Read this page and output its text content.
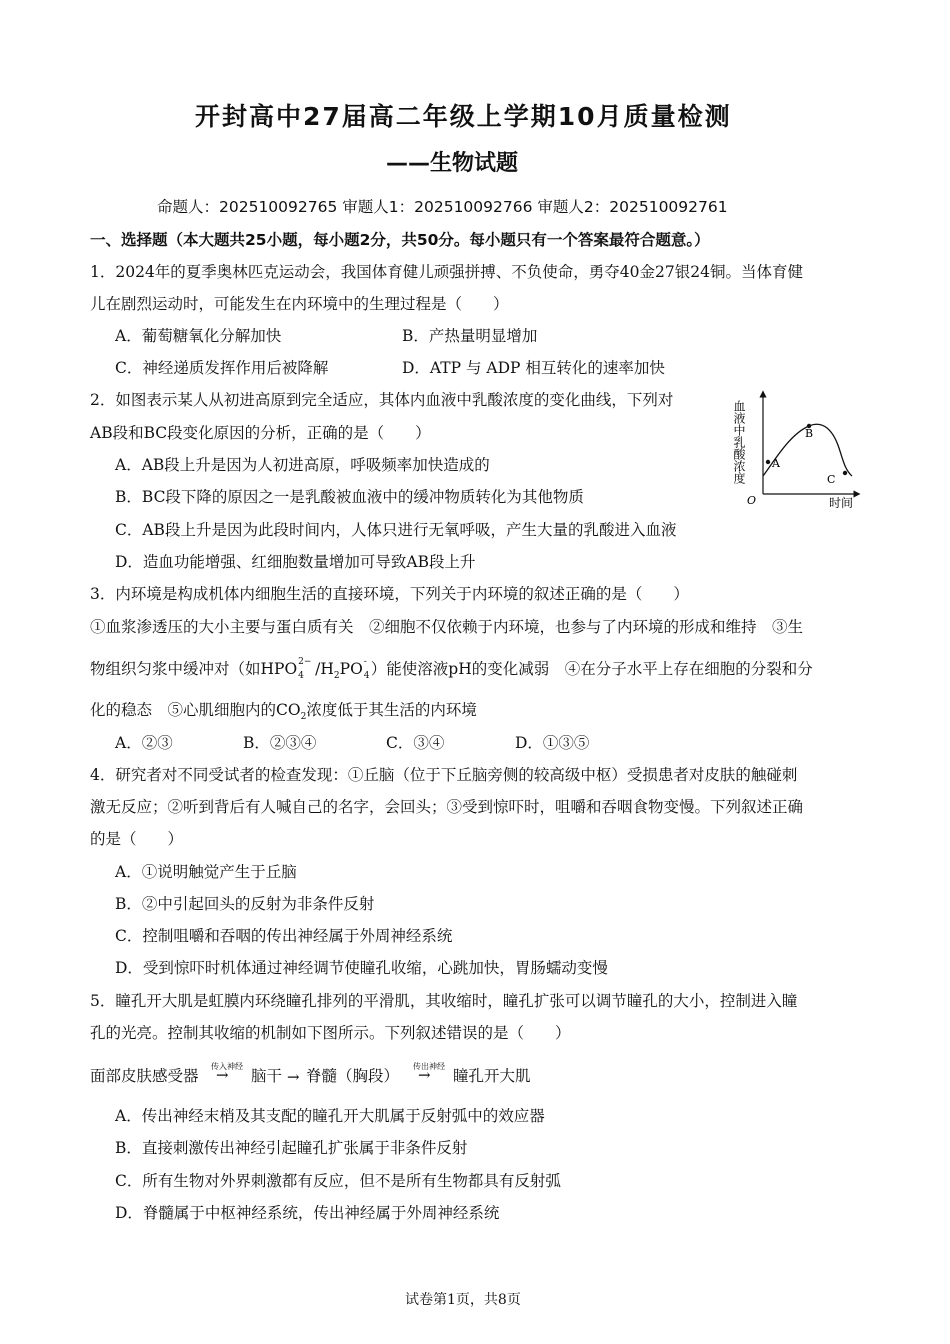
开封高中27届高二年级上学期10月质量检测
——生物试题
命题人：202510092765 审题人1：202510092766 审题人2：202510092761
一、选择题（本大题共25小题，每小题2分，共50分。每小题只有一个答案最符合题意。）
1．2024年的夏季奥林匹克运动会，我国体育健儿顽强拼搏、不负使命，勇夺40金27银24铜。当体育健
儿在剧烈运动时，可能发生在内环境中的生理过程是（　　）
A．葡萄糖氧化分解加快	B．产热量明显增加
C．神经递质发挥作用后被降解	D．ATP 与 ADP 相互转化的速率加快
2．如图表示某人从初进高原到完全适应，其体内血液中乳酸浓度的变化曲线，下列对
AB段和BC段变化原因的分析，正确的是（　　）
A．AB段上升是因为人初进高原，呼吸频率加快造成的
B．BC段下降的原因之一是乳酸被血液中的缓冲物质转化为其他物质
C．AB段上升是因为此段时间内，人体只进行无氧呼吸，产生大量的乳酸进入血液
D．造血功能增强、红细胞数量增加可导致AB段上升
A
B
C
O	时间
血液中乳酸浓度
3．内环境是构成机体内细胞生活的直接环境，下列关于内环境的叙述正确的是（　　）
①血浆渗透压的大小主要与蛋白质有关　②细胞不仅依赖于内环境，也参与了内环境的形成和维持　③生
物组织匀浆中缓冲对（如HPO 2−
4 $/H_2PO$ -
4 ）能使溶液pH的变化减弱　④在分子水平上存在细胞的分裂和分
化的稳态　⑤心肌细胞内的$CO_2$浓度低于其生活的内环境
A．②③	B．②③④	C．③④	D．①③⑤
4．研究者对不同受试者的检查发现：①丘脑（位于下丘脑旁侧的较高级中枢）受损患者对皮肤的触碰刺
激无反应；②听到背后有人喊自己的名字，会回头；③受到惊吓时，咀嚼和吞咽食物变慢。下列叙述正确
的是（　　）
A．①说明触觉产生于丘脑
B．②中引起回头的反射为非条件反射
C．控制咀嚼和吞咽的传出神经属于外周神经系统
D．受到惊吓时机体通过神经调节使瞳孔收缩，心跳加快，胃肠蠕动变慢
5．瞳孔开大肌是虹膜内环绕瞳孔排列的平滑肌，其收缩时，瞳孔扩张可以调节瞳孔的大小，控制进入瞳
孔的光亮。控制其收缩的机制如下图所示。下列叙述错误的是（　　）
面部皮肤感受器
传入神经
→ 脑干 → 脊髓（胸段）
传出神经
→ 瞳孔开大肌
A．传出神经末梢及其支配的瞳孔开大肌属于反射弧中的效应器
B．直接刺激传出神经引起瞳孔扩张属于非条件反射
C．所有生物对外界刺激都有反应，但不是所有生物都具有反射弧
D．脊髓属于中枢神经系统，传出神经属于外周神经系统
试卷第1页，共8页
